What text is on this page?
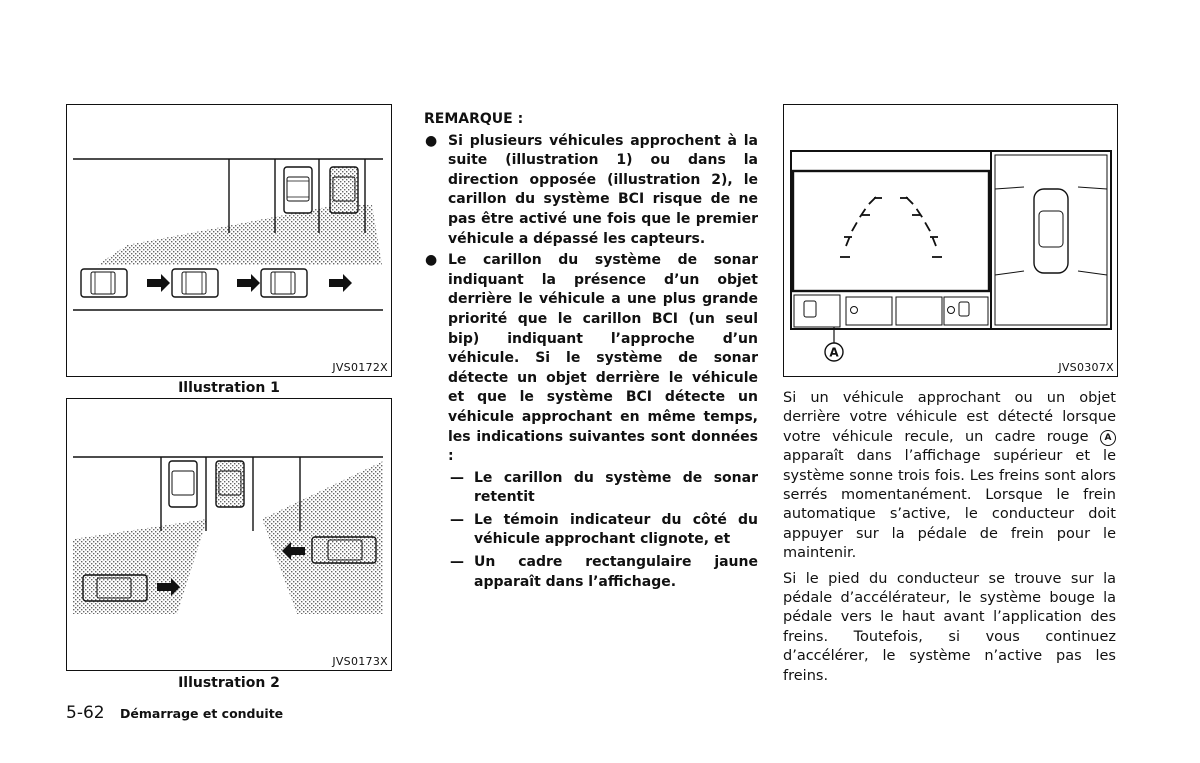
JVS0172X
Illustration 1
JVS0173X
Illustration 2
A
JVS0307X
REMARQUE :
● Si plusieurs véhicules approchent à la suite (illustration 1) ou dans la direction opposée (illustration 2), le carillon du système BCI risque de ne pas être activé une fois que le premier véhicule a dépassé les capteurs.
● Le carillon du système de sonar indiquant la présence d’un objet derrière le véhicule a une plus grande priorité que le carillon BCI (un seul bip) indiquant l’approche d’un véhicule. Si le système de sonar détecte un objet derrière le véhicule et que le système BCI détecte un véhicule approchant en même temps, les indications suivantes sont données :
— Le carillon du système de sonar retentit
— Le témoin indicateur du côté du véhicule approchant clignote, et
— Un cadre rectangulaire jaune apparaît dans l’affichage.

Si un véhicule approchant ou un objet derrière votre véhicule est détecté lorsque votre véhicule recule, un cadre rouge A apparaît dans l’affichage supérieur et le système sonne trois fois. Les freins sont alors serrés momentanément. Lorsque le frein automatique s’active, le conducteur doit appuyer sur la pédale de frein pour le maintenir.

Si le pied du conducteur se trouve sur la pédale d’accélérateur, le système bouge la pédale vers le haut avant l’application des freins. Toutefois, si vous continuez d’accélérer, le système n’active pas les freins.

5-62 Démarrage et conduite
